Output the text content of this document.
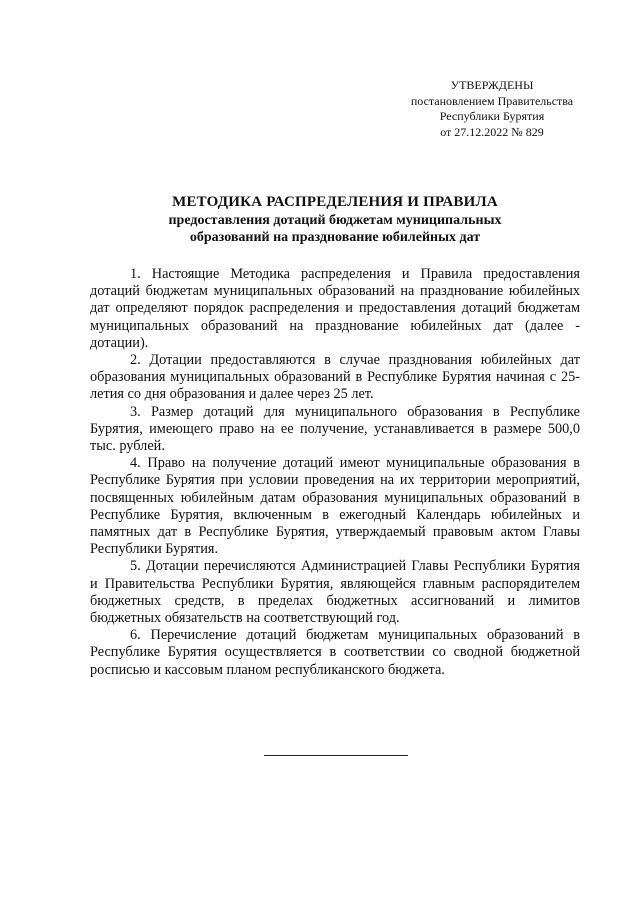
УТВЕРЖДЕНЫ
постановлением Правительства
Республики Бурятия
от 27.12.2022 № 829
МЕТОДИКА РАСПРЕДЕЛЕНИЯ И ПРАВИЛА
предоставления дотаций бюджетам муниципальных
образований на празднование юбилейных дат

1. Настоящие Методика распределения и Правила предоставления дотаций бюджетам муниципальных образований на празднование юбилейных дат определяют порядок распределения и предоставления дотаций бюджетам муниципальных образований на празднование юбилейных дат (далее - дотации).

2. Дотации предоставляются в случае празднования юбилейных дат образования муниципальных образований в Республике Бурятия начиная с 25-летия со дня образования и далее через 25 лет.

3. Размер дотаций для муниципального образования в Республике Бурятия, имеющего право на ее получение, устанавливается в размере 500,0 тыс. рублей.

4. Право на получение дотаций имеют муниципальные образования в Республике Бурятия при условии проведения на их территории мероприятий, посвященных юбилейным датам образования муниципальных образований в Республике Бурятия, включенным в ежегодный Календарь юбилейных и памятных дат в Республике Бурятия, утверждаемый правовым актом Главы Республики Бурятия.

5. Дотации перечисляются Администрацией Главы Республики Бурятия и Правительства Республики Бурятия, являющейся главным распорядителем бюджетных средств, в пределах бюджетных ассигнований и лимитов бюджетных обязательств на соответствующий год.

6. Перечисление дотаций бюджетам муниципальных образований в Республике Бурятия осуществляется в соответствии со сводной бюджетной росписью и кассовым планом республиканского бюджета.
